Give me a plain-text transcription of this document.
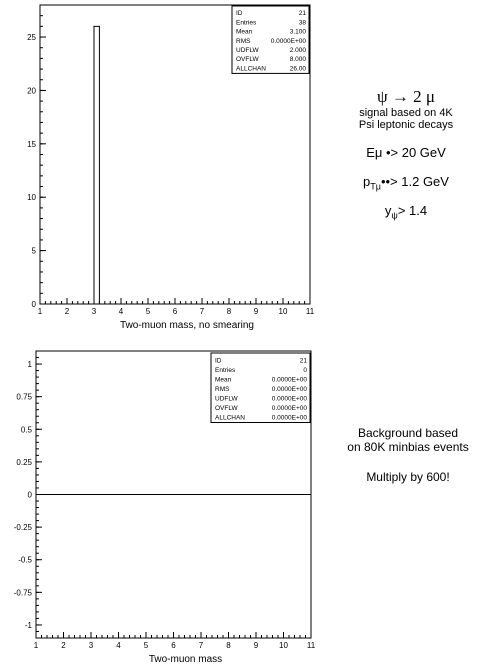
1	2	3	4	5	6	7	8	9	10 11
0
5
10
15
20
25
Two-muon mass, no smearing
ID	21
Entries	38
Mean	3.100
RMS	0.0000E+00
UDFLW	2.000
OVFLW	8.000
ALLCHAN	26.00
1	2	3	4	5	6	7	8	9	10 11
-1
-0.75
-0.5
-0.25
0
0.25
0.5
0.75
1
Two-muon mass
ID	21
Entries	0
Mean	0.0000E+00
RMS	0.0000E+00
UDFLW	0.0000E+00
OVFLW	0.0000E+00
ALLCHAN	0.0000E+00
ψ → 2 μ
signal based on 4K
Psi leptonic decays
Eμ •> 20 GeV
$p_{T\mu}••> 1.2$ GeV
$y_\psi> 1.4$
Background based
on 80K minbias events
Multiply by 600!
